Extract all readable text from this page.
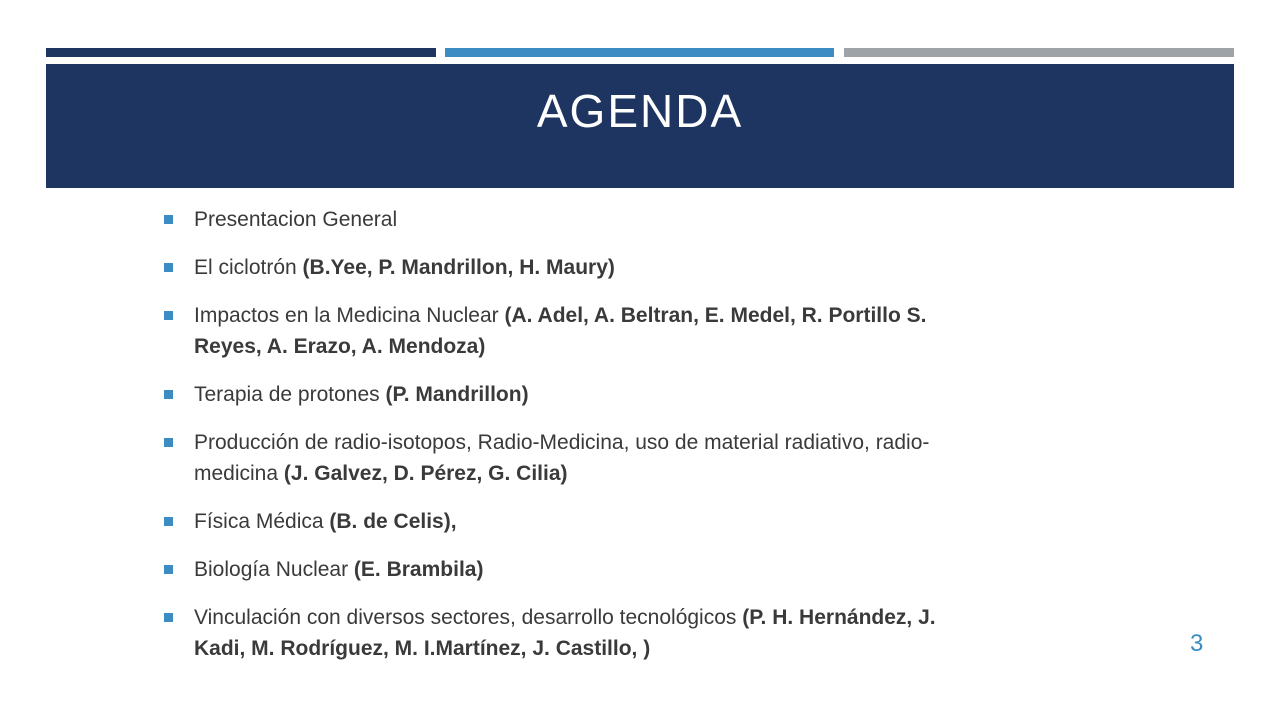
AGENDA
Presentacion General
El ciclotrón (B.Yee, P. Mandrillon, H. Maury)
Impactos en la Medicina Nuclear (A. Adel, A. Beltran, E. Medel, R. Portillo S. Reyes, A. Erazo, A. Mendoza)
Terapia de protones (P. Mandrillon)
Producción de radio-isotopos, Radio-Medicina, uso de material radiativo, radio-medicina (J. Galvez, D. Pérez, G. Cilia)
Física Médica (B. de Celis),
Biología Nuclear (E. Brambila)
Vinculación con diversos sectores, desarrollo tecnológicos (P. H. Hernández, J. Kadi, M. Rodríguez, M. I.Martínez, J. Castillo, )	3
